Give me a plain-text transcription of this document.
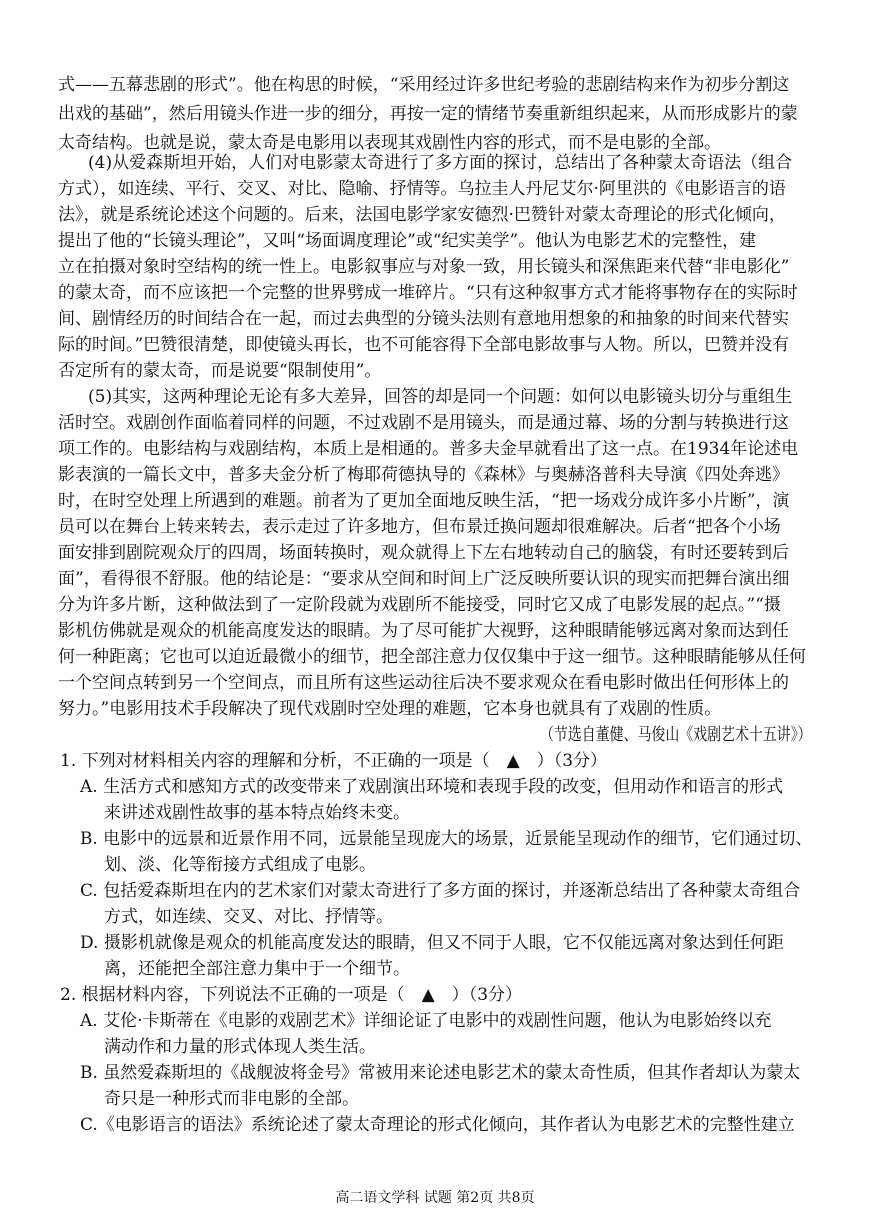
式——五幕悲剧的形式”。他在构思的时候，“采用经过许多世纪考验的悲剧结构来作为初步分割这
出戏的基础”，然后用镜头作进一步的细分，再按一定的情绪节奏重新组织起来，从而形成影片的蒙
太奇结构。也就是说，蒙太奇是电影用以表现其戏剧性内容的形式，而不是电影的全部。
(4)从爱森斯坦开始，人们对电影蒙太奇进行了多方面的探讨，总结出了各种蒙太奇语法（组合
方式），如连续、平行、交叉、对比、隐喻、抒情等。乌拉圭人丹尼艾尔·阿里洪的《电影语言的语
法》，就是系统论述这个问题的。后来，法国电影学家安德烈·巴赞针对蒙太奇理论的形式化倾向，
提出了他的“长镜头理论”，又叫“场面调度理论”或“纪实美学”。他认为电影艺术的完整性，建
立在拍摄对象时空结构的统一性上。电影叙事应与对象一致，用长镜头和深焦距来代替“非电影化”
的蒙太奇，而不应该把一个完整的世界劈成一堆碎片。“只有这种叙事方式才能将事物存在的实际时
间、剧情经历的时间结合在一起，而过去典型的分镜头法则有意地用想象的和抽象的时间来代替实
际的时间。”巴赞很清楚，即使镜头再长，也不可能容得下全部电影故事与人物。所以，巴赞并没有
否定所有的蒙太奇，而是说要“限制使用”。
(5)其实，这两种理论无论有多大差异，回答的却是同一个问题：如何以电影镜头切分与重组生
活时空。戏剧创作面临着同样的问题，不过戏剧不是用镜头，而是通过幕、场的分割与转换进行这
项工作的。电影结构与戏剧结构，本质上是相通的。普多夫金早就看出了这一点。在1934年论述电
影表演的一篇长文中，普多夫金分析了梅耶荷德执导的《森林》与奥赫洛普科夫导演《四处奔逃》
时，在时空处理上所遇到的难题。前者为了更加全面地反映生活，“把一场戏分成许多小片断”，演
员可以在舞台上转来转去，表示走过了许多地方，但布景迁换问题却很难解决。后者“把各个小场
面安排到剧院观众厅的四周，场面转换时，观众就得上下左右地转动自己的脑袋，有时还要转到后
面”，看得很不舒服。他的结论是：“要求从空间和时间上广泛反映所要认识的现实而把舞台演出细
分为许多片断，这种做法到了一定阶段就为戏剧所不能接受，同时它又成了电影发展的起点。”“摄
影机仿佛就是观众的机能高度发达的眼睛。为了尽可能扩大视野，这种眼睛能够远离对象而达到任
何一种距离；它也可以迫近最微小的细节，把全部注意力仅仅集中于这一细节。这种眼睛能够从任何
一个空间点转到另一个空间点，而且所有这些运动往后决不要求观众在看电影时做出任何形体上的
努力。”电影用技术手段解决了现代戏剧时空处理的难题，它本身也就具有了戏剧的性质。
（节选自董健、马俊山《戏剧艺术十五讲》）
1. 下列对材料相关内容的理解和分析，不正确的一项是（　▲　）（3分）
A. 生活方式和感知方式的改变带来了戏剧演出环境和表现手段的改变，但用动作和语言的形式
来讲述戏剧性故事的基本特点始终未变。
B. 电影中的远景和近景作用不同，远景能呈现庞大的场景，近景能呈现动作的细节，它们通过切、
划、淡、化等衔接方式组成了电影。
C. 包括爱森斯坦在内的艺术家们对蒙太奇进行了多方面的探讨，并逐渐总结出了各种蒙太奇组合
方式，如连续、交叉、对比、抒情等。
D. 摄影机就像是观众的机能高度发达的眼睛，但又不同于人眼，它不仅能远离对象达到任何距
离，还能把全部注意力集中于一个细节。
2. 根据材料内容，下列说法不正确的一项是（　▲　）（3分）
A. 艾伦·卡斯蒂在《电影的戏剧艺术》详细论证了电影中的戏剧性问题，他认为电影始终以充
满动作和力量的形式体现人类生活。
B. 虽然爱森斯坦的《战舰波将金号》常被用来论述电影艺术的蒙太奇性质，但其作者却认为蒙太
奇只是一种形式而非电影的全部。
C.《电影语言的语法》系统论述了蒙太奇理论的形式化倾向，其作者认为电影艺术的完整性建立
高二语文学科 试题 第2页 共8页
